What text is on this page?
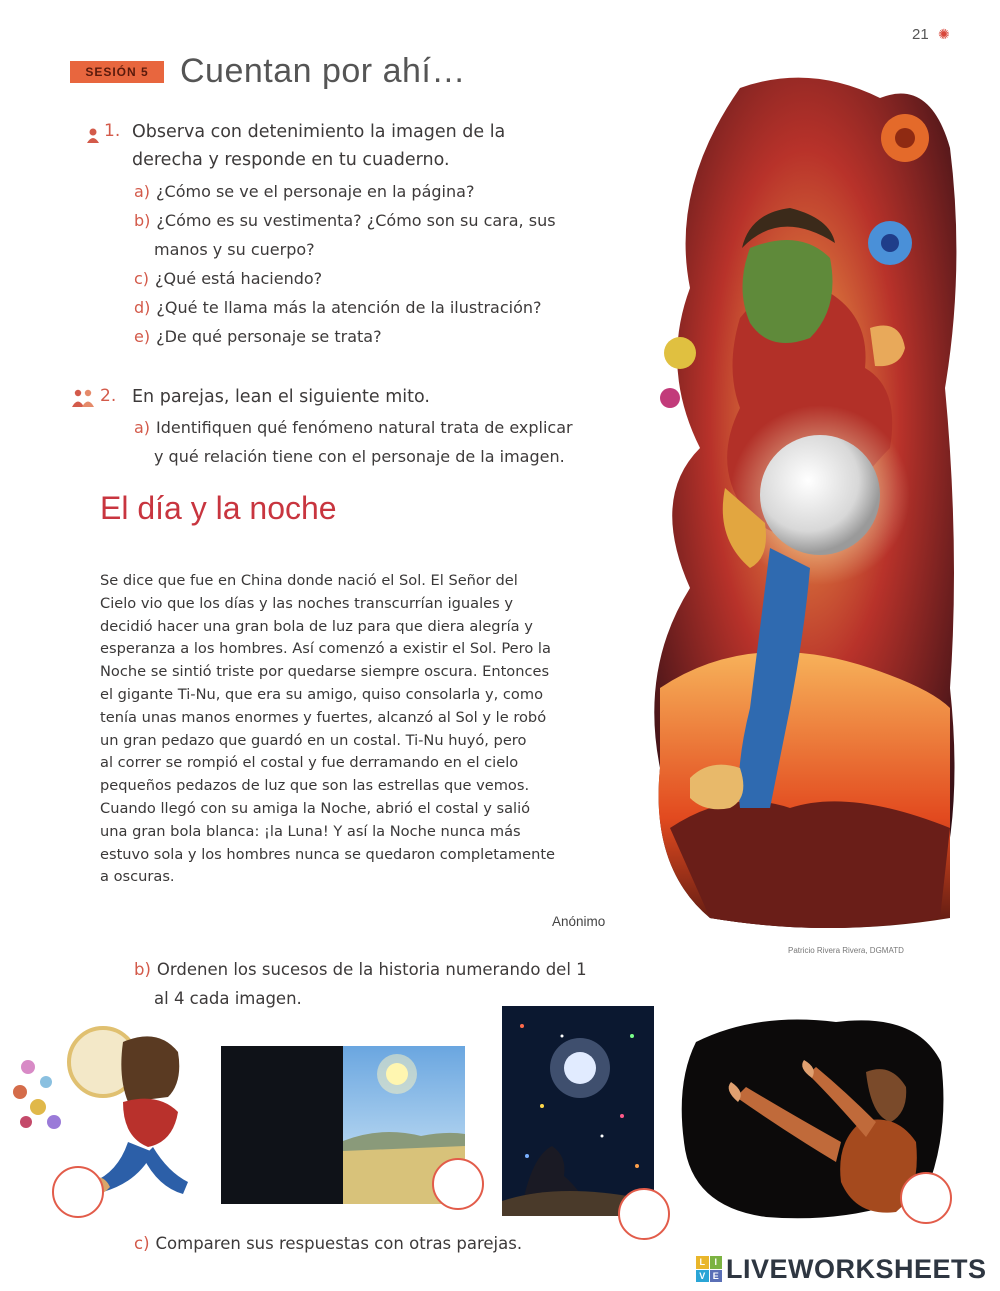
21 ✺
SESIÓN 5 Cuentan por ahí…
1. Observa con detenimiento la imagen de la
derecha y responde en tu cuaderno.
a) ¿Cómo se ve el personaje en la página?
b) ¿Cómo es su vestimenta? ¿Cómo son su cara, sus
manos y su cuerpo?
c) ¿Qué está haciendo?
d) ¿Qué te llama más la atención de la ilustración?
e) ¿De qué personaje se trata?
2. En parejas, lean el siguiente mito.
a) Identifiquen qué fenómeno natural trata de explicar
y qué relación tiene con el personaje de la imagen.
El día y la noche
Se dice que fue en China donde nació el Sol. El Señor del
Cielo vio que los días y las noches transcurrían iguales y
decidió hacer una gran bola de luz para que diera alegría y
esperanza a los hombres. Así comenzó a existir el Sol. Pero la
Noche se sintió triste por quedarse siempre oscura. Entonces
el gigante Ti-Nu, que era su amigo, quiso consolarla y, como
tenía unas manos enormes y fuertes, alcanzó al Sol y le robó
un gran pedazo que guardó en un costal. Ti-Nu huyó, pero
al correr se rompió el costal y fue derramando en el cielo
pequeños pedazos de luz que son las estrellas que vemos.
Cuando llegó con su amiga la Noche, abrió el costal y salió
una gran bola blanca: ¡la Luna! Y así la Noche nunca más
estuvo sola y los hombres nunca se quedaron completamente
a oscuras.
Anónimo
Patricio Rivera Rivera, DGMATD
b) Ordenen los sucesos de la historia numerando del 1
al 4 cada imagen.
c) Comparen sus respuestas con otras parejas.
L	I
V E LIVEWORKSHEETS
